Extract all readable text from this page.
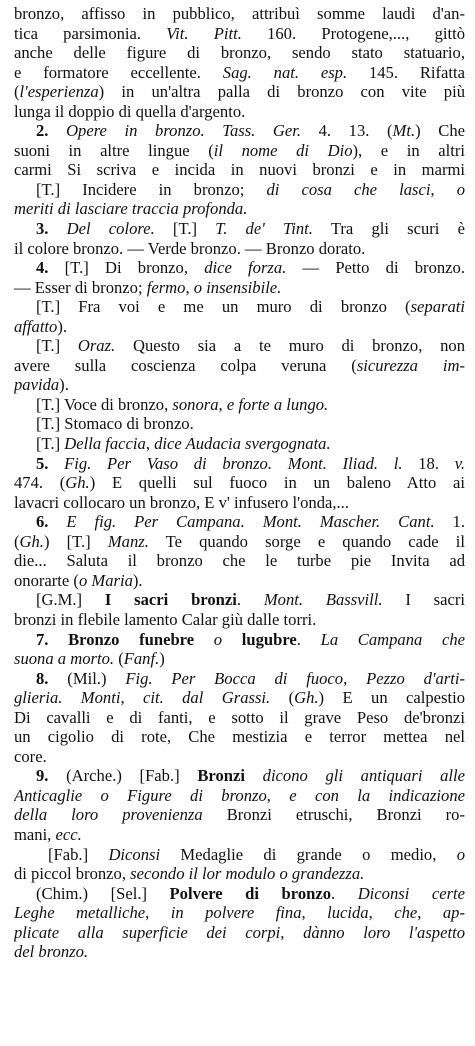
bronzo, affisso in pubblico, attribuì somme laudi d'an-
tica parsimonia. Vit. Pitt. 160. Protogene,..., gittò
anche delle figure di bronzo, sendo stato statuario,
e formatore eccellente. Sag. nat. esp. 145. Rifatta
(l'esperienza) in un'altra palla di bronzo con vite più
lunga il doppio di quella d'argento.
2. Opere in bronzo. Tass. Ger. 4. 13. (Mt.) Che
suoni in altre lingue (il nome di Dio), e in altri
carmi Si scriva e incida in nuovi bronzi e in marmi
[T.] Incidere in bronzo; di cosa che lasci, o
meriti di lasciare traccia profonda.
3. Del colore. [T.] T. de' Tint. Tra gli scuri è
il colore bronzo. — Verde bronzo. — Bronzo dorato.
4. [T.] Di bronzo, dice forza. — Petto di bronzo.
— Esser di bronzo; fermo, o insensibile.
[T.] Fra voi e me un muro di bronzo (separati
affatto).
[T.] Oraz. Questo sia a te muro di bronzo, non
avere sulla coscienza colpa veruna (sicurezza im-
pavida).
[T.] Voce di bronzo, sonora, e forte a lungo.
[T.] Stomaco di bronzo.
[T.] Della faccia, dice Audacia svergognata.
5. Fig. Per Vaso di bronzo. Mont. Iliad. l. 18. v.
474. (Gh.) E quelli sul fuoco in un baleno Atto ai
lavacri collocaro un bronzo, E v' infusero l'onda,...
6. E fig. Per Campana. Mont. Mascher. Cant. 1.
(Gh.) [T.] Manz. Te quando sorge e quando cade il
die... Saluta il bronzo che le turbe pie Invita ad
onorarte (o Maria).
[G.M.] I sacri bronzi. Mont. Bassvill. I sacri
bronzi in flebile lamento Calar giù dalle torri.
7. Bronzo funebre o lugubre. La Campana che
suona a morto. (Fanf.)
8. (Mil.) Fig. Per Bocca di fuoco, Pezzo d'arti-
glieria. Monti, cit. dal Grassi. (Gh.) E un calpestio
Di cavalli e di fanti, e sotto il grave Peso de'bronzi
un cigolio di rote, Che mestizia e terror mettea nel
core.
9. (Arche.) [Fab.] Bronzi dicono gli antiquari alle
Anticaglie o Figure di bronzo, e con la indicazione
della loro provenienza Bronzi etruschi, Bronzi ro-
mani, ecc.
[Fab.] Diconsi Medaglie di grande o medio, o
di piccol bronzo, secondo il lor modulo o grandezza.
(Chim.) [Sel.] Polvere di bronzo. Diconsi certe
Leghe metalliche, in polvere fina, lucida, che, ap-
plicate alla superficie dei corpi, dànno loro l'aspetto
del bronzo.
